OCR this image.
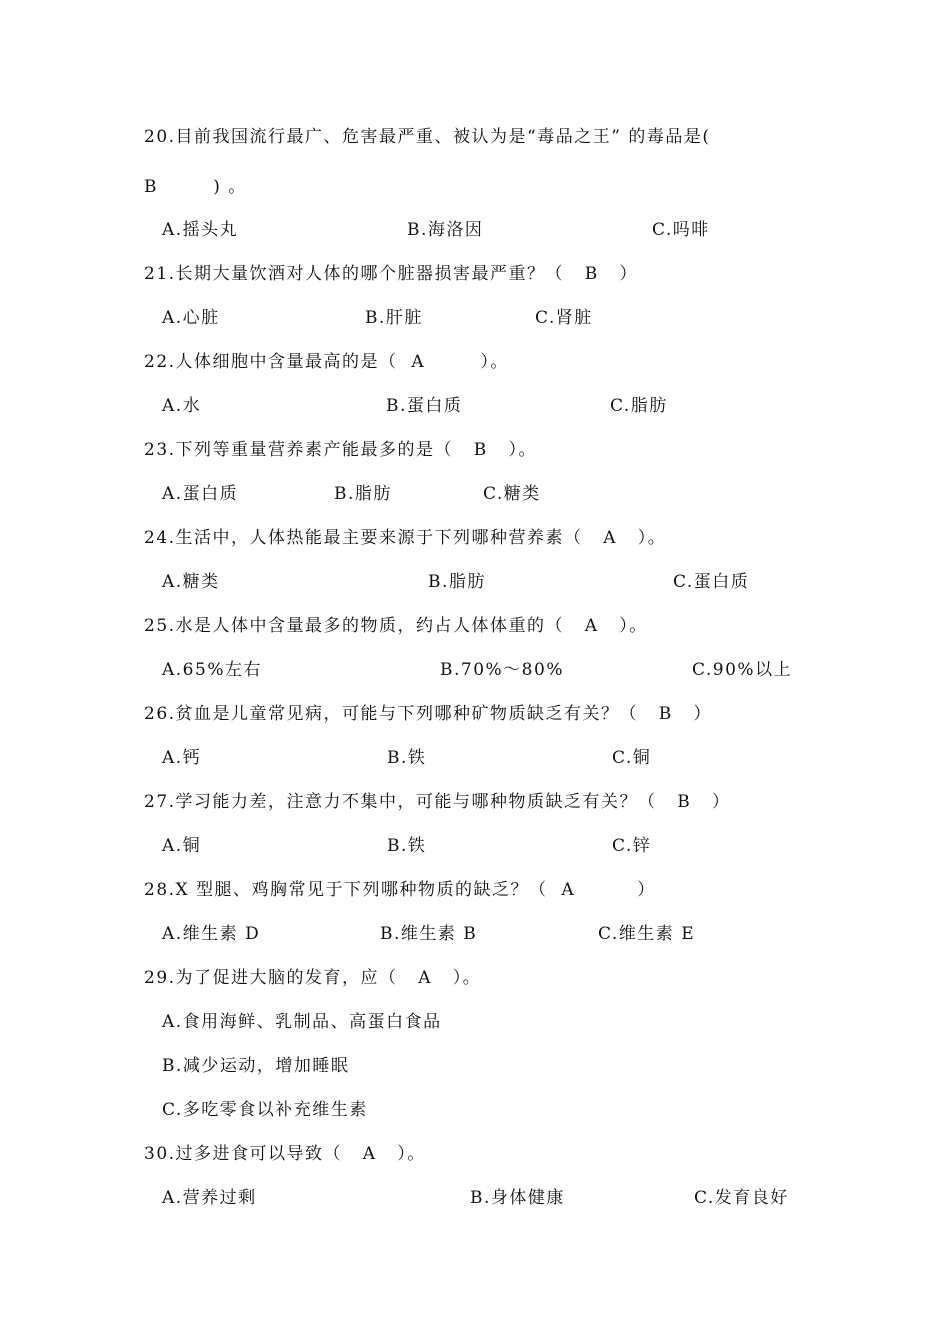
20.目前我国流行最广、危害最严重、被认为是“毒品之王” 的毒品是(
B        ) 。
A.摇头丸	B.海洛因	C.吗啡
21.长期大量饮酒对人体的哪个脏器损害最严重？（   B   ）
A.心脏	B.肝脏	C.肾脏
22.人体细胞中含量最高的是（  A        ）。
A.水	B.蛋白质	C.脂肪
23.下列等重量营养素产能最多的是（   B   ）。
A.蛋白质	B.脂肪	C.糖类
24.生活中，人体热能最主要来源于下列哪种营养素（   A   ）。
A.糖类	B.脂肪	C.蛋白质
25.水是人体中含量最多的物质，约占人体体重的（   A   ）。
A.65%左右	B.70%～80%	C.90%以上
26.贫血是儿童常见病，可能与下列哪种矿物质缺乏有关？（   B   ）
A.钙	B.铁	C.铜
27.学习能力差，注意力不集中，可能与哪种物质缺乏有关？（   B   ）
A.铜	B.铁	C.锌
28.X 型腿、鸡胸常见于下列哪种物质的缺乏？（  A         ）
A.维生素 D	B.维生素 B	C.维生素 E
29.为了促进大脑的发育，应（   A   ）。
A.食用海鲜、乳制品、高蛋白食品
B.减少运动，增加睡眠
C.多吃零食以补充维生素
30.过多进食可以导致（   A   ）。
A.营养过剩	B.身体健康	C.发育良好
